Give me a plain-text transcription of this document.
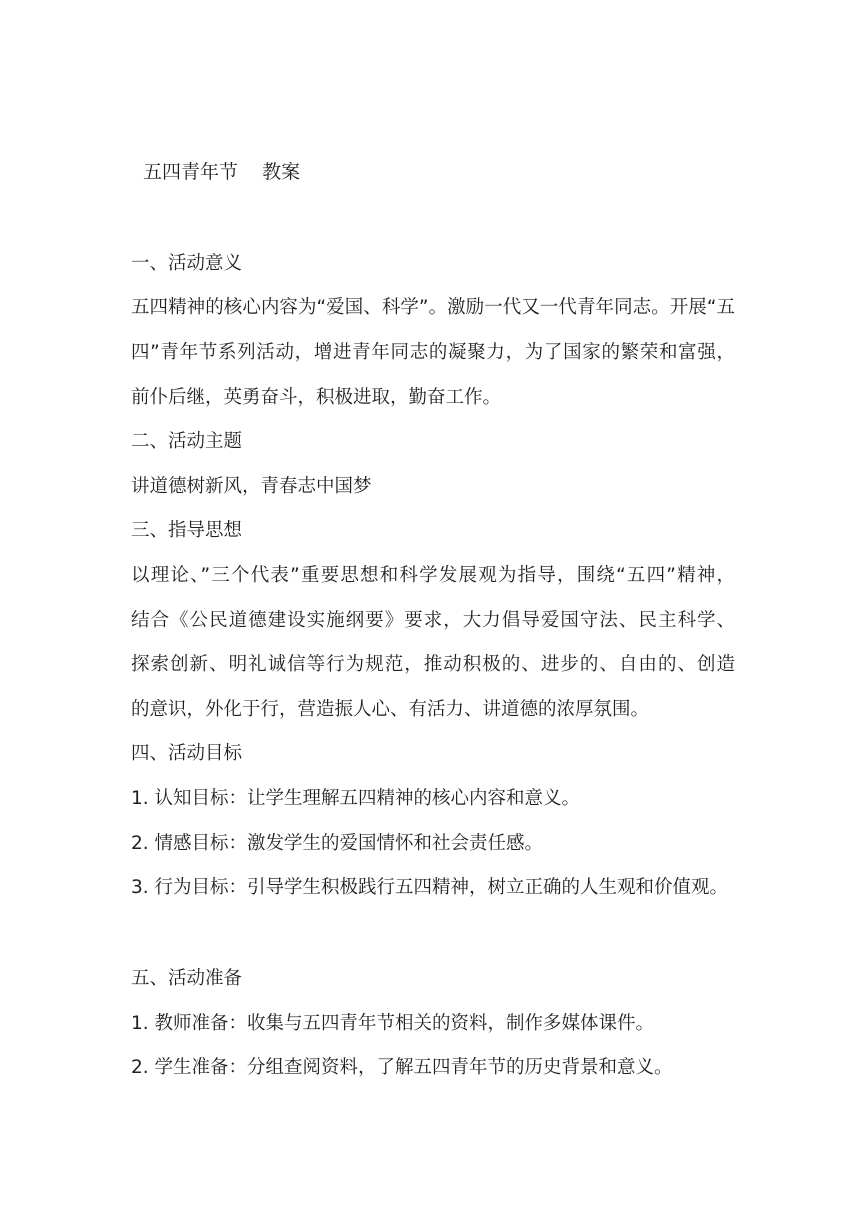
五四青年节    教案
一、活动意义
五四精神的核心内容为“爱国、科学”。激励一代又一代青年同志。开展“五
四”青年节系列活动，增进青年同志的凝聚力，为了国家的繁荣和富强，
前仆后继，英勇奋斗，积极进取，勤奋工作。
二、活动主题
讲道德树新风，青春志中国梦
三、指导思想
以理论、”三个代表”重要思想和科学发展观为指导，围绕“五四”精神，
结合《公民道德建设实施纲要》要求，大力倡导爱国守法、民主科学、
探索创新、明礼诚信等行为规范，推动积极的、进步的、自由的、创造
的意识，外化于行，营造振人心、有活力、讲道德的浓厚氛围。
四、活动目标
1. 认知目标：让学生理解五四精神的核心内容和意义。
2. 情感目标：激发学生的爱国情怀和社会责任感。
3. 行为目标：引导学生积极践行五四精神，树立正确的人生观和价值观。
五、活动准备
1. 教师准备：收集与五四青年节相关的资料，制作多媒体课件。
2. 学生准备：分组查阅资料，了解五四青年节的历史背景和意义。
